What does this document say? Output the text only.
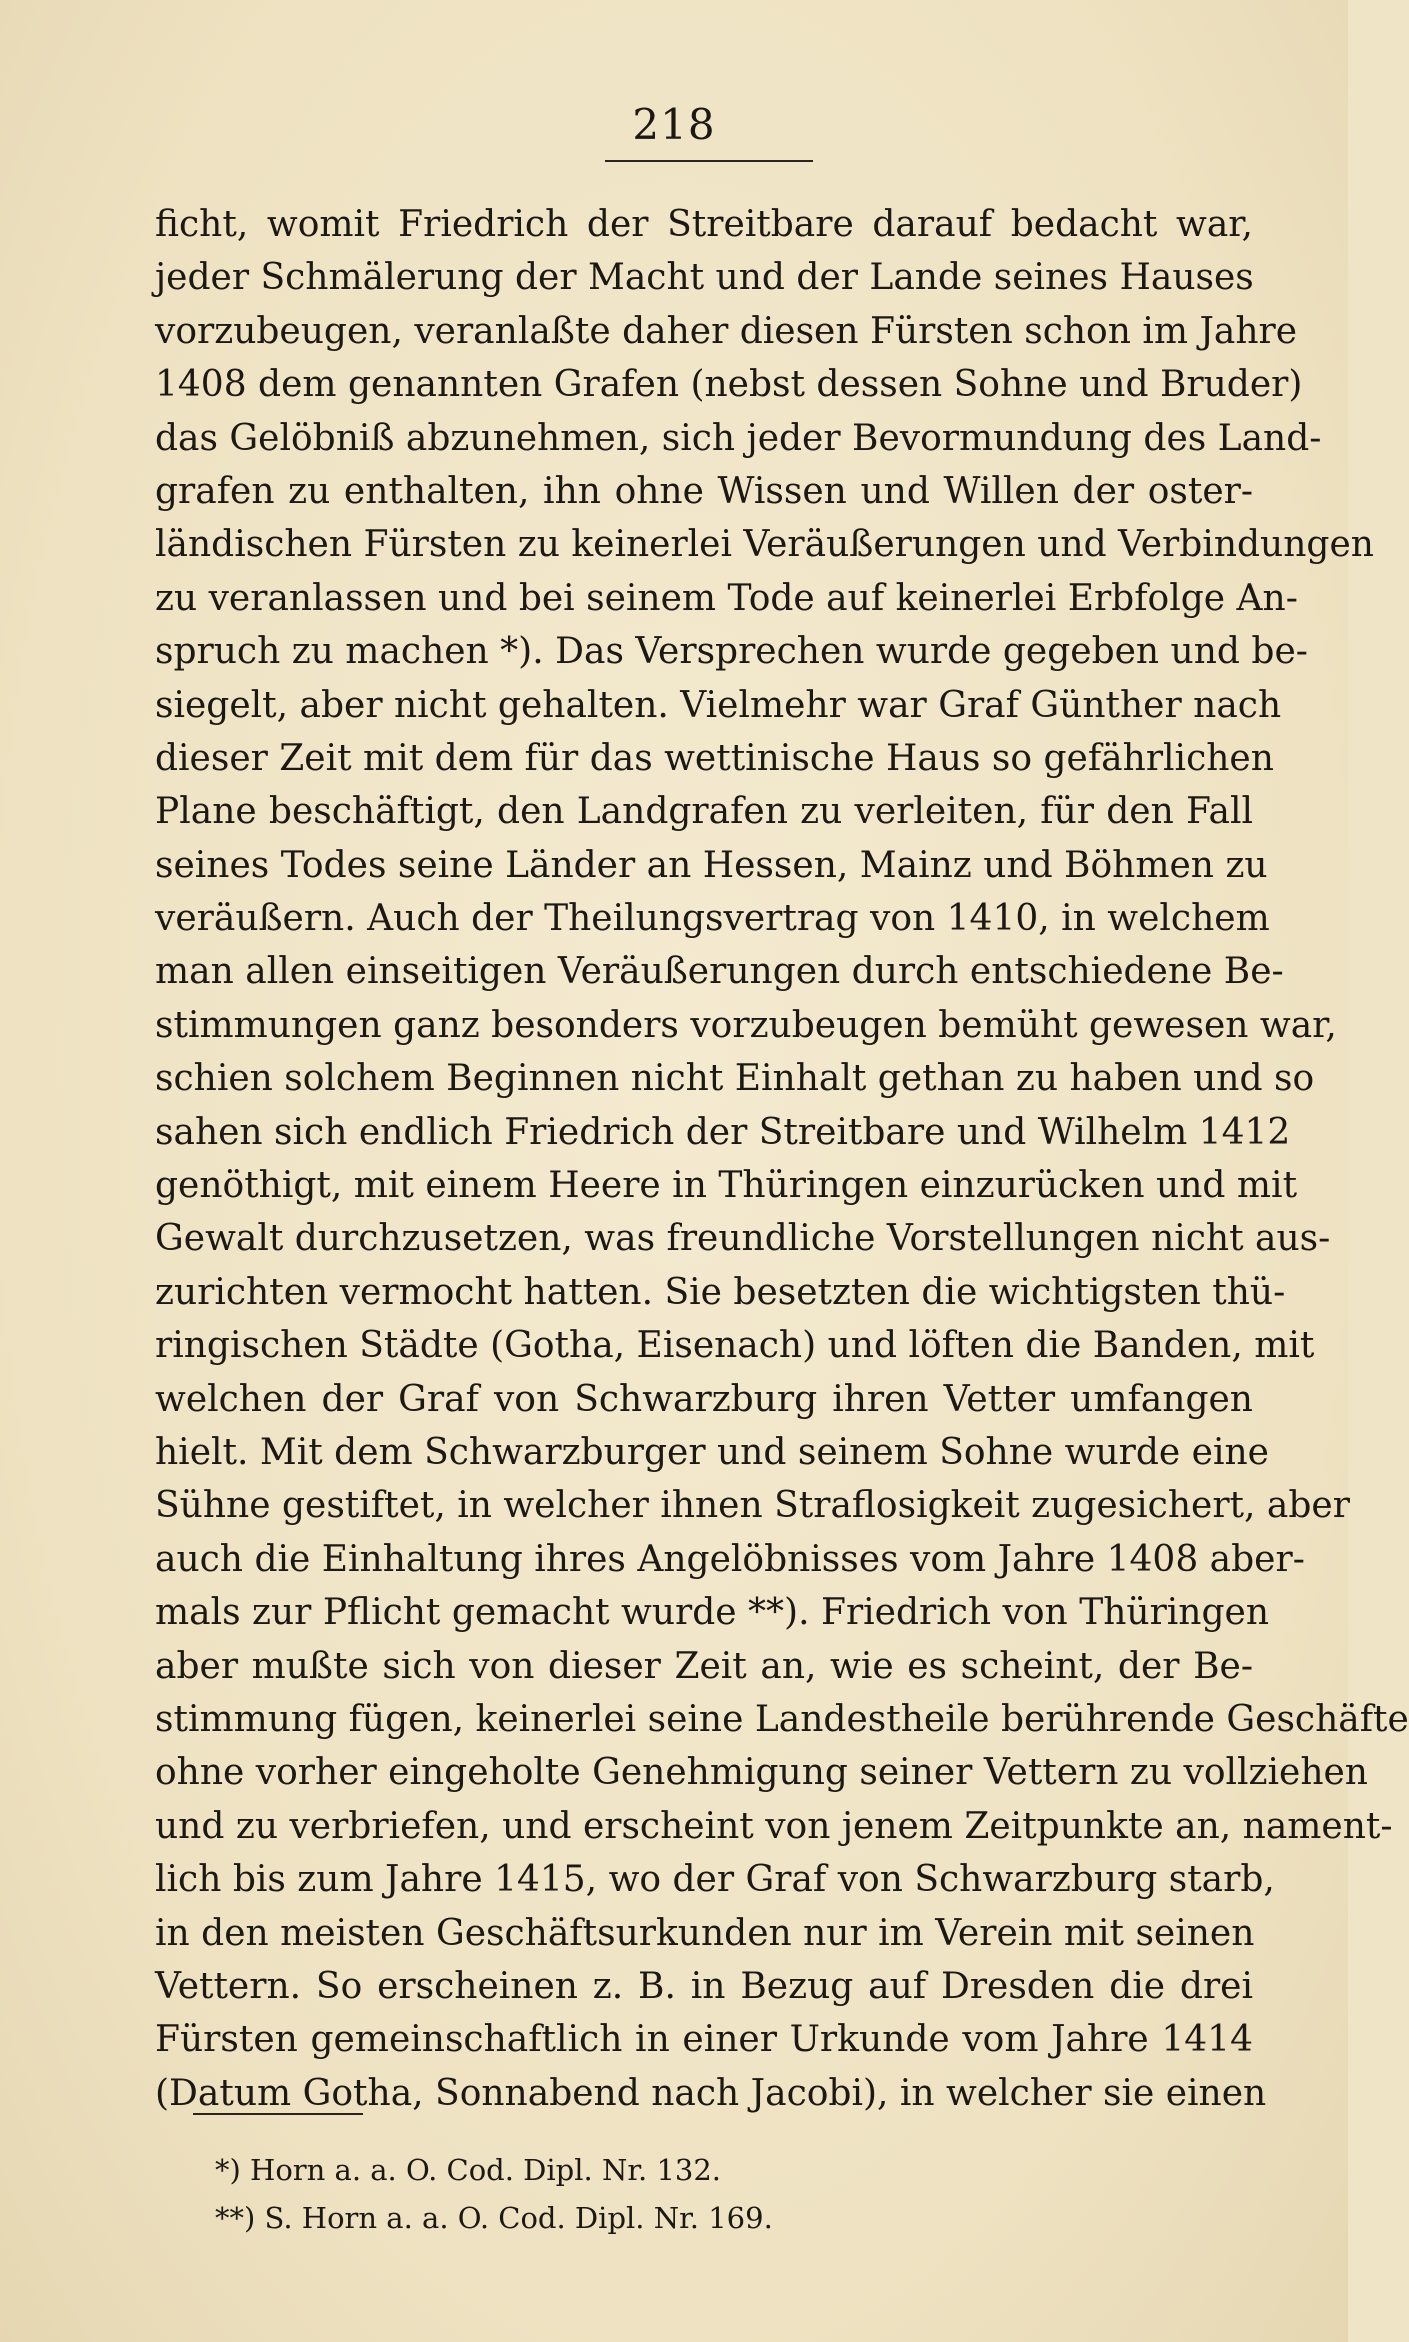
218
ficht, womit Friedrich der Streitbare darauf bedacht war,
jeder Schmälerung der Macht und der Lande seines Hauses
vorzubeugen, veranlaßte daher diesen Fürsten schon im Jahre
1408 dem genannten Grafen (nebst dessen Sohne und Bruder)
das Gelöbniß abzunehmen, sich jeder Bevormundung des Land-
grafen zu enthalten, ihn ohne Wissen und Willen der oster-
ländischen Fürsten zu keinerlei Veräußerungen und Verbindungen
zu veranlassen und bei seinem Tode auf keinerlei Erbfolge An-
spruch zu machen *). Das Versprechen wurde gegeben und be-
siegelt, aber nicht gehalten. Vielmehr war Graf Günther nach
dieser Zeit mit dem für das wettinische Haus so gefährlichen
Plane beschäftigt, den Landgrafen zu verleiten, für den Fall
seines Todes seine Länder an Hessen, Mainz und Böhmen zu
veräußern. Auch der Theilungsvertrag von 1410, in welchem
man allen einseitigen Veräußerungen durch entschiedene Be-
stimmungen ganz besonders vorzubeugen bemüht gewesen war,
schien solchem Beginnen nicht Einhalt gethan zu haben und so
sahen sich endlich Friedrich der Streitbare und Wilhelm 1412
genöthigt, mit einem Heere in Thüringen einzurücken und mit
Gewalt durchzusetzen, was freundliche Vorstellungen nicht aus-
zurichten vermocht hatten. Sie besetzten die wichtigsten thü-
ringischen Städte (Gotha, Eisenach) und löften die Banden, mit
welchen der Graf von Schwarzburg ihren Vetter umfangen
hielt. Mit dem Schwarzburger und seinem Sohne wurde eine
Sühne gestiftet, in welcher ihnen Straflosigkeit zugesichert, aber
auch die Einhaltung ihres Angelöbnisses vom Jahre 1408 aber-
mals zur Pflicht gemacht wurde **). Friedrich von Thüringen
aber mußte sich von dieser Zeit an, wie es scheint, der Be-
stimmung fügen, keinerlei seine Landestheile berührende Geschäfte
ohne vorher eingeholte Genehmigung seiner Vettern zu vollziehen
und zu verbriefen, und erscheint von jenem Zeitpunkte an, nament-
lich bis zum Jahre 1415, wo der Graf von Schwarzburg starb,
in den meisten Geschäftsurkunden nur im Verein mit seinen
Vettern. So erscheinen z. B. in Bezug auf Dresden die drei
Fürsten gemeinschaftlich in einer Urkunde vom Jahre 1414
(Datum Gotha, Sonnabend nach Jacobi), in welcher sie einen
*) Horn a. a. O. Cod. Dipl. Nr. 132.
**) S. Horn a. a. O. Cod. Dipl. Nr. 169.
